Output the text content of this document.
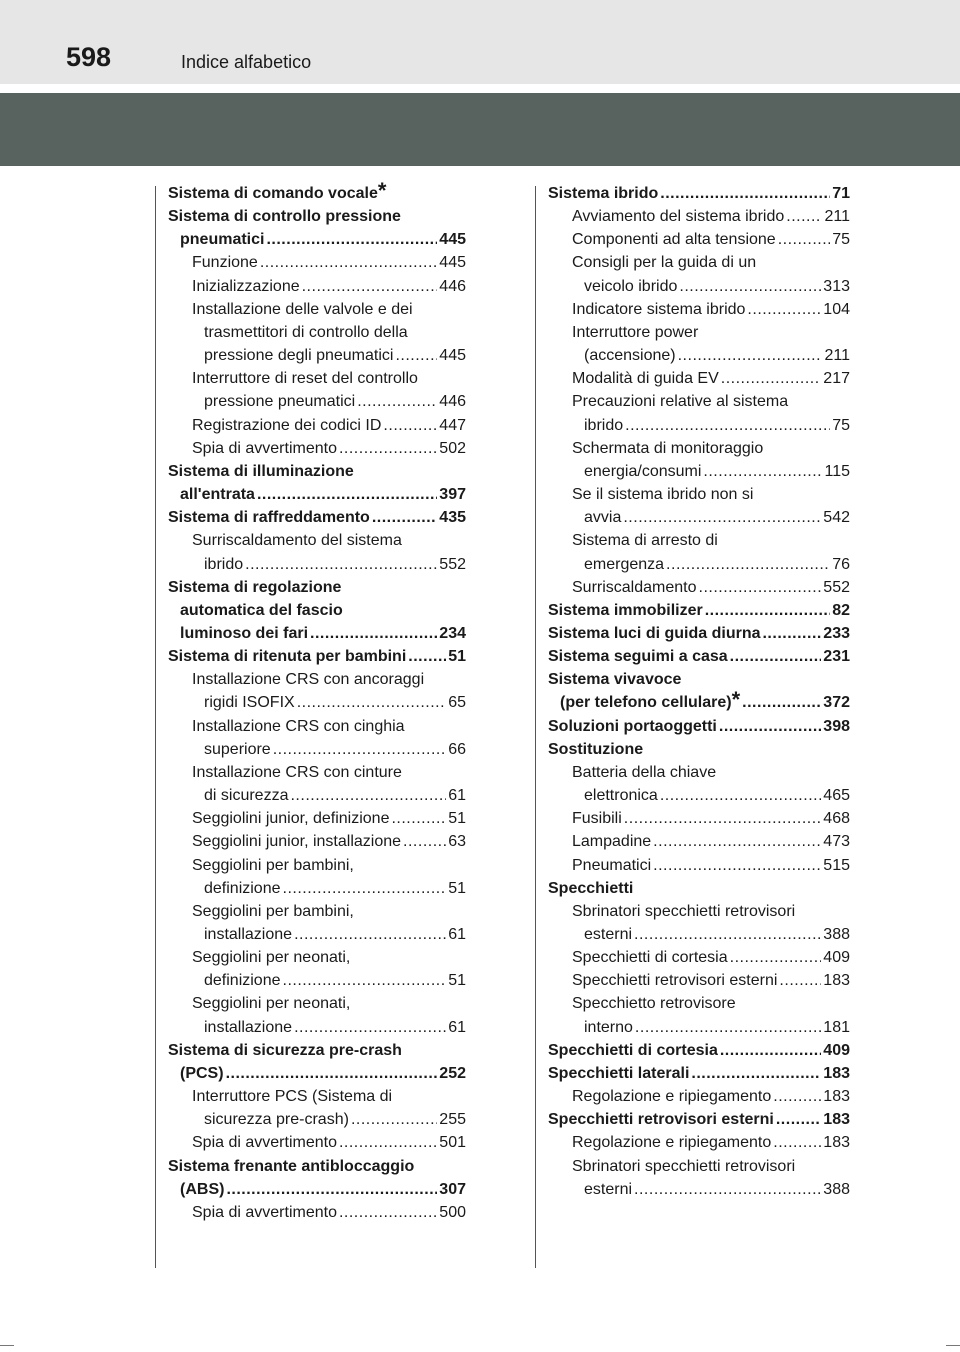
598	Indice alfabetico
Sistema di comando vocale *
Sistema di controllo pressione
pneumatici .....	445
Funzione .....	445
Inizializzazione .....	446
Installazione delle valvole e dei
trasmettitori di controllo della
pressione degli pneumatici .....	445
Interruttore di reset del controllo
pressione pneumatici .....	446
Registrazione dei codici ID .....	447
Spia di avvertimento .....	502
Sistema di illuminazione
all'entrata .....	397
Sistema di raffreddamento .....	435
Surriscaldamento del sistema
ibrido .....	552
Sistema di regolazione
automatica del fascio
luminoso dei fari .....	234
Sistema di ritenuta per bambini .....	51
Installazione CRS con ancoraggi
rigidi ISOFIX .....	65
Installazione CRS con cinghia
superiore .....	66
Installazione CRS con cinture
di sicurezza .....	61
Seggiolini junior, definizione .....	51
Seggiolini junior, installazione .....	63
Seggiolini per bambini,
definizione .....	51
Seggiolini per bambini,
installazione .....	61
Seggiolini per neonati,
definizione .....	51
Seggiolini per neonati,
installazione .....	61
Sistema di sicurezza pre-crash
(PCS) .....	252
Interruttore PCS (Sistema di
sicurezza pre-crash) .....	255
Spia di avvertimento .....	501
Sistema frenante antibloccaggio
(ABS) .....	307
Spia di avvertimento .....	500
Sistema ibrido .....	71
Avviamento del sistema ibrido .....	211
Componenti ad alta tensione .....	75
Consigli per la guida di un
veicolo ibrido .....	313
Indicatore sistema ibrido .....	104
Interruttore power
(accensione) .....	211
Modalità di guida EV .....	217
Precauzioni relative al sistema
ibrido .....	75
Schermata di monitoraggio
energia/consumi .....	115
Se il sistema ibrido non si
avvia .....	542
Sistema di arresto di
emergenza .....	76
Surriscaldamento .....	552
Sistema immobilizer .....	82
Sistema luci di guida diurna .....	233
Sistema seguimi a casa .....	231
Sistema vivavoce
(per telefono cellulare) * .....	372
Soluzioni portaoggetti .....	398
Sostituzione
Batteria della chiave
elettronica .....	465
Fusibili .....	468
Lampadine .....	473
Pneumatici .....	515
Specchietti
Sbrinatori specchietti retrovisori
esterni .....	388
Specchietti di cortesia .....	409
Specchietti retrovisori esterni .....	183
Specchietto retrovisore
interno .....	181
Specchietti di cortesia .....	409
Specchietti laterali .....	183
Regolazione e ripiegamento .....	183
Specchietti retrovisori esterni .....	183
Regolazione e ripiegamento .....	183
Sbrinatori specchietti retrovisori
esterni .....	388
